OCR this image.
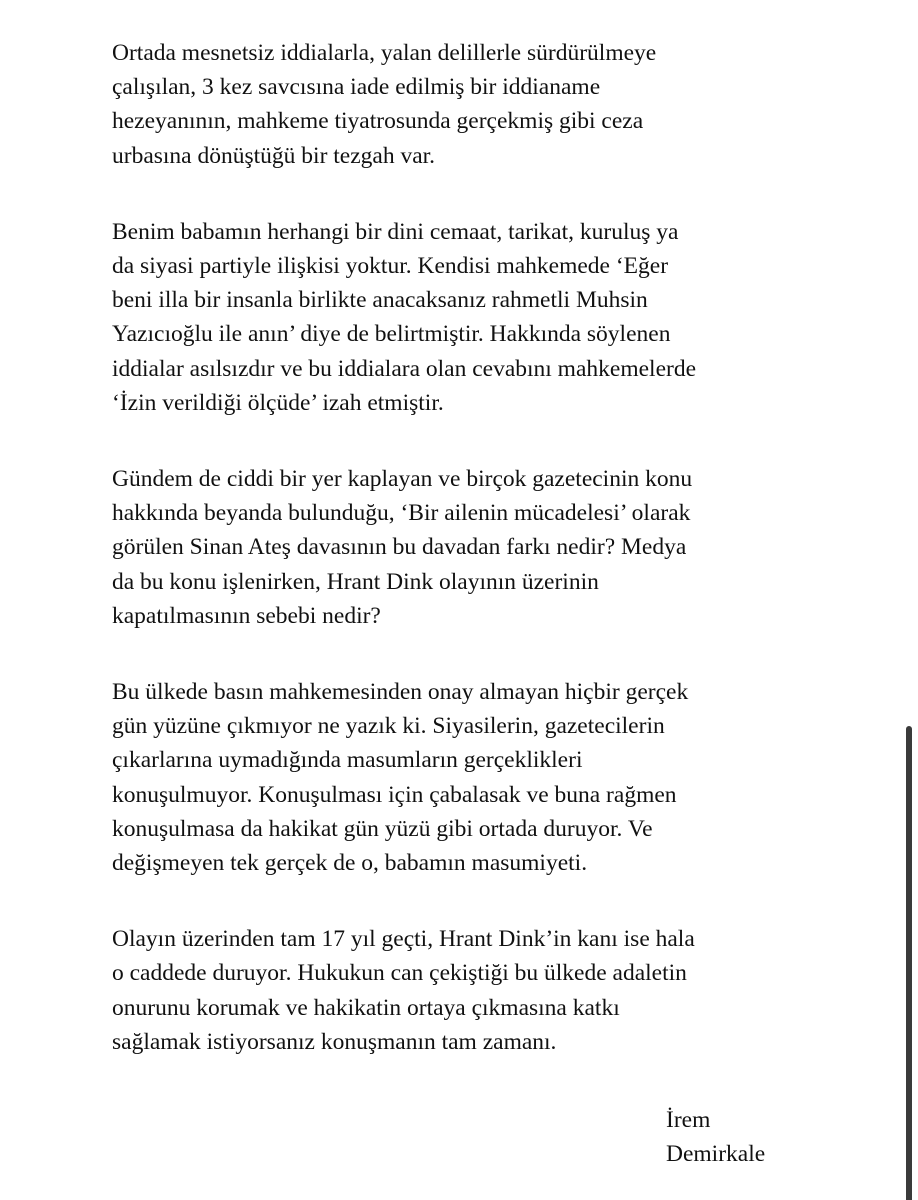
Ortada mesnetsiz iddialarla, yalan delillerle sürdürülmeye
çalışılan, 3 kez savcısına iade edilmiş bir iddianame
hezeyanının, mahkeme tiyatrosunda gerçekmiş gibi ceza
urbasına dönüştüğü bir tezgah var.

Benim babamın herhangi bir dini cemaat, tarikat, kuruluş ya
da siyasi partiyle ilişkisi yoktur. Kendisi mahkemede ‘Eğer
beni illa bir insanla birlikte anacaksanız rahmetli Muhsin
Yazıcıoğlu ile anın’ diye de belirtmiştir. Hakkında söylenen
iddialar asılsızdır ve bu iddialara olan cevabını mahkemelerde
‘İzin verildiği ölçüde’ izah etmiştir.

Gündem de ciddi bir yer kaplayan ve birçok gazetecinin konu
hakkında beyanda bulunduğu, ‘Bir ailenin mücadelesi’ olarak
görülen Sinan Ateş davasının bu davadan farkı nedir? Medya
da bu konu işlenirken, Hrant Dink olayının üzerinin
kapatılmasının sebebi nedir?

Bu ülkede basın mahkemesinden onay almayan hiçbir gerçek
gün yüzüne çıkmıyor ne yazık ki. Siyasilerin, gazetecilerin
çıkarlarına uymadığında masumların gerçeklikleri
konuşulmuyor. Konuşulması için çabalasak ve buna rağmen
konuşulmasa da hakikat gün yüzü gibi ortada duruyor. Ve
değişmeyen tek gerçek de o, babamın masumiyeti.

Olayın üzerinden tam 17 yıl geçti, Hrant Dink’in kanı ise hala
o caddede duruyor. Hukukun can çekiştiği bu ülkede adaletin
onurunu korumak ve hakikatin ortaya çıkmasına katkı
sağlamak istiyorsanız konuşmanın tam zamanı.

İrem
Demirkale
